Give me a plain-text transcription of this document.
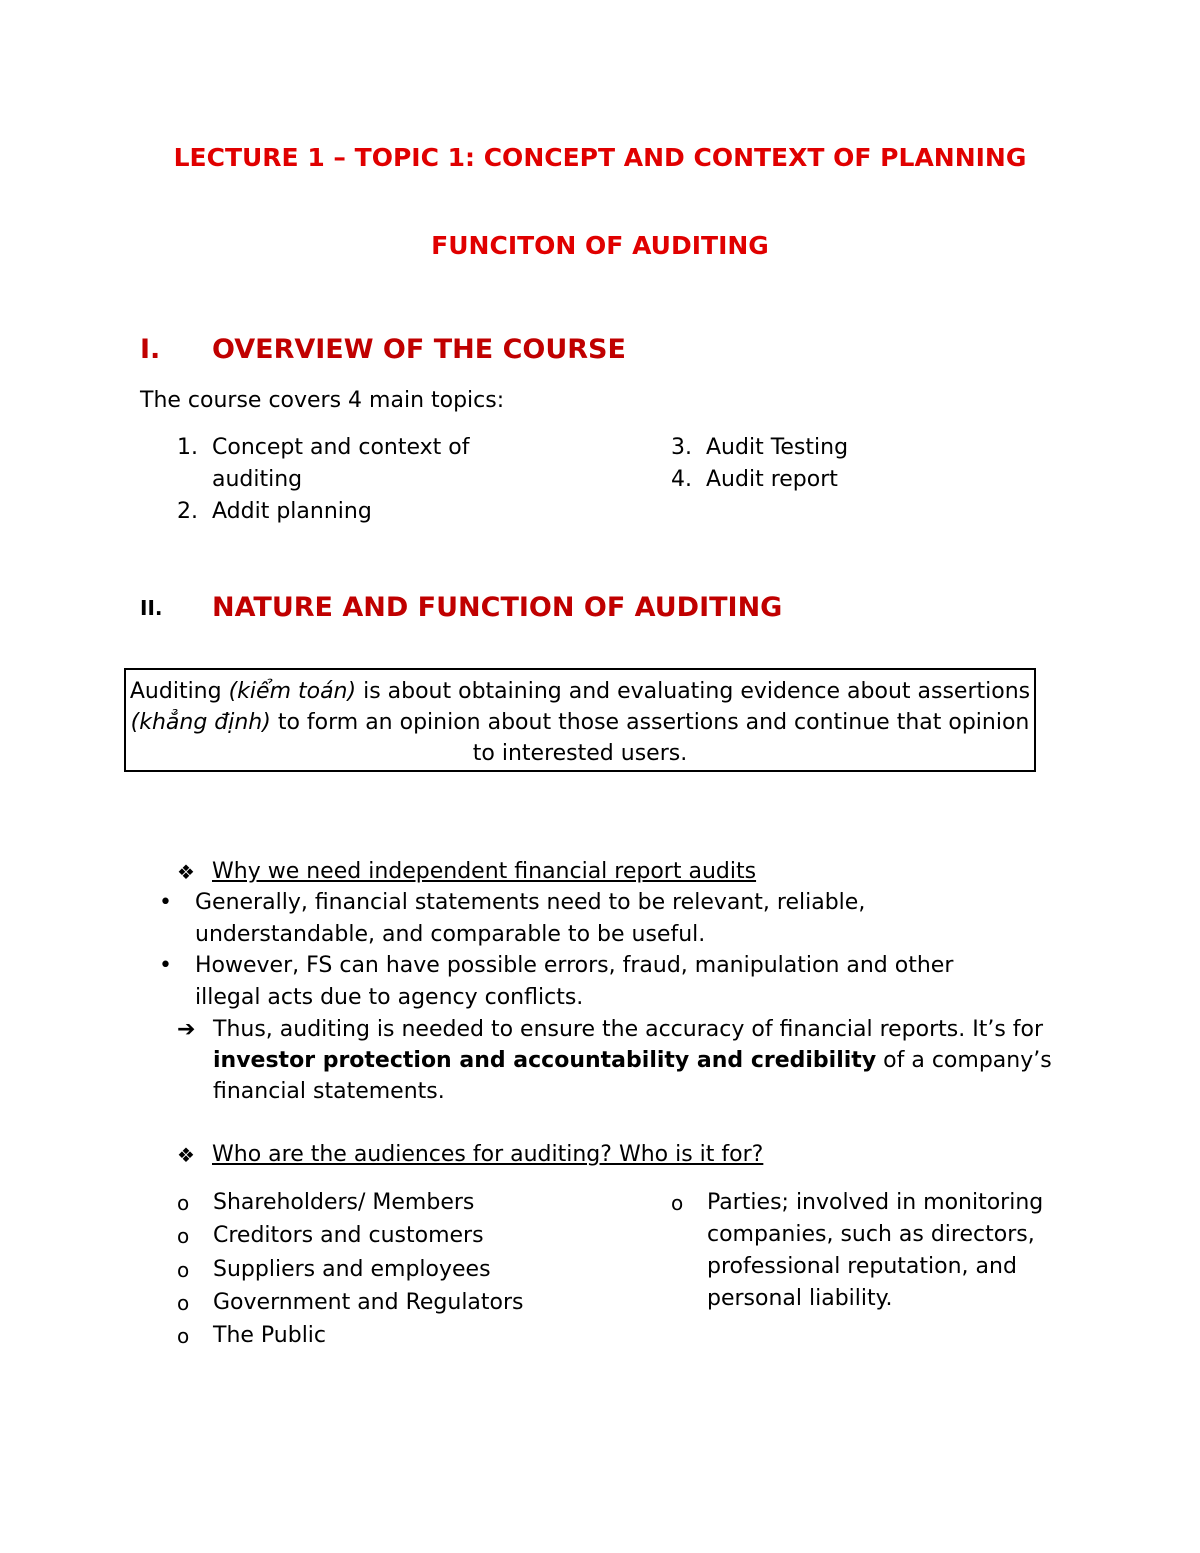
LECTURE 1 – TOPIC 1: CONCEPT AND CONTEXT OF PLANNING
FUNCITON OF AUDITING
I. OVERVIEW OF THE COURSE
The course covers 4 main topics:
1. Concept and context of auditing
2. Addit planning
3. Audit Testing
4. Audit report
II. NATURE AND FUNCTION OF AUDITING
Auditing (kiểm toán) is about obtaining and evaluating evidence about assertions (khẳng định) to form an opinion about those assertions and continue that opinion to interested users.
❖ Why we need independent financial report audits
• Generally, financial statements need to be relevant, reliable, understandable, and comparable to be useful.
• However, FS can have possible errors, fraud, manipulation and other illegal acts due to agency conflicts.
➔ Thus, auditing is needed to ensure the accuracy of financial reports. It’s for investor protection and accountability and credibility of a company’s financial statements.
❖ Who are the audiences for auditing? Who is it for?
o Shareholders/ Members
o Creditors and customers
o Suppliers and employees
o Government and Regulators
o The Public
o Parties; involved in monitoring companies, such as directors, professional reputation, and personal liability.
